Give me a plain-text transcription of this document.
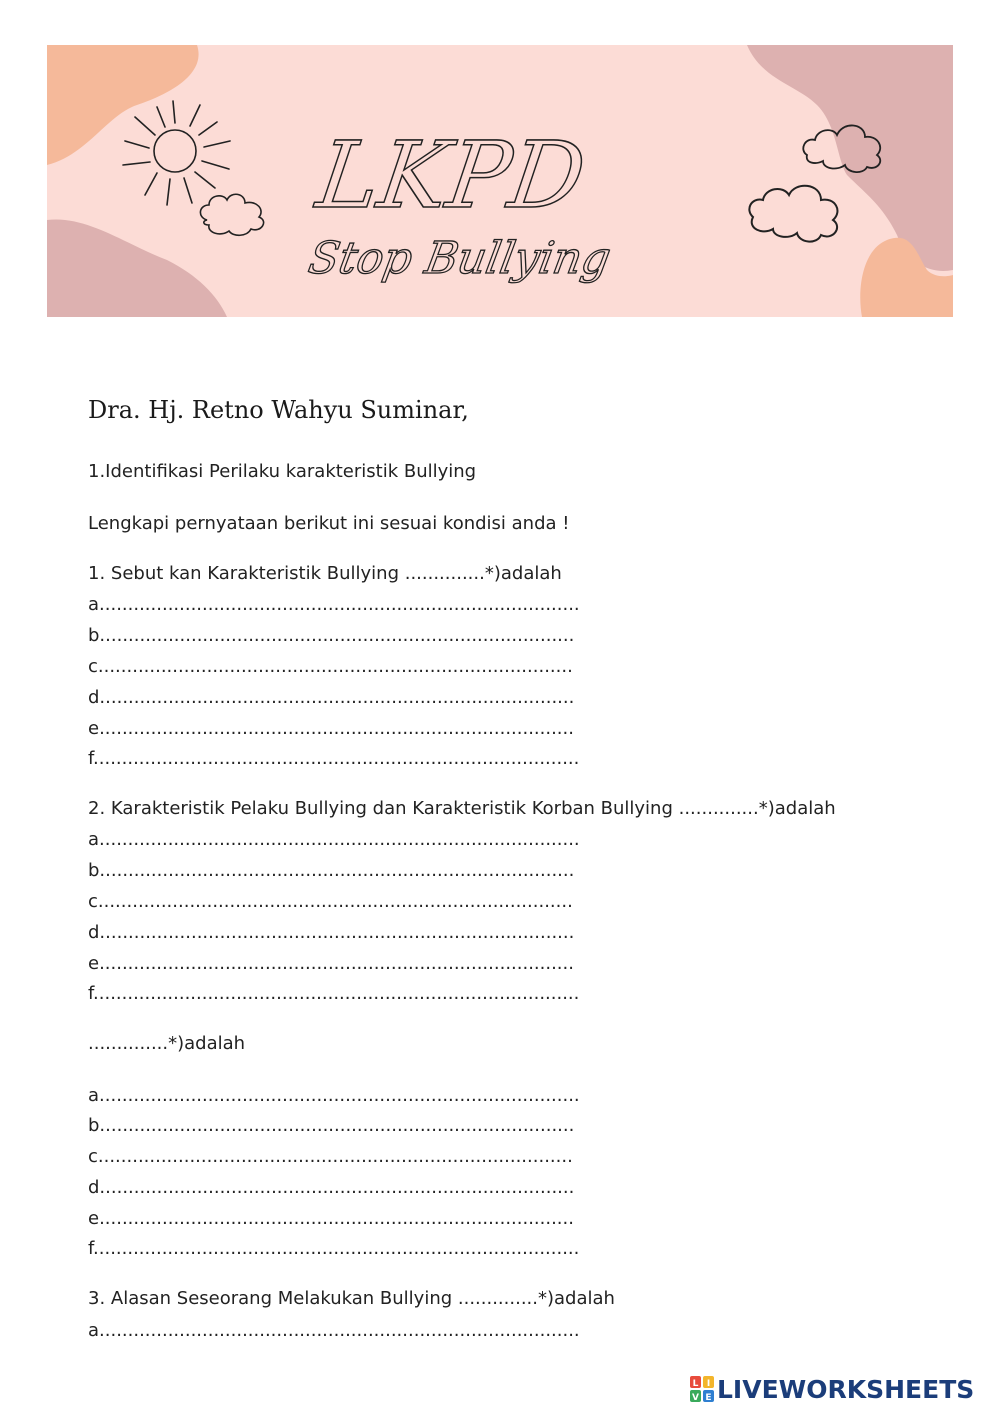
LKPD
Stop Bullying
Dra. Hj. Retno Wahyu Suminar,
1.Identifikasi Perilaku karakteristik Bullying
Lengkapi pernyataan berikut ini sesuai kondisi anda !
1. Sebut kan Karakteristik Bullying ..............*)adalah
a....................................................................................
b...................................................................................
c...................................................................................
d...................................................................................
e...................................................................................
f.....................................................................................
2. Karakteristik Pelaku Bullying dan Karakteristik Korban Bullying ..............*)adalah
a....................................................................................
b...................................................................................
c...................................................................................
d...................................................................................
e...................................................................................
f.....................................................................................
..............*)adalah
a....................................................................................
b...................................................................................
c...................................................................................
d...................................................................................
e...................................................................................
f.....................................................................................
3. Alasan Seseorang Melakukan Bullying ..............*)adalah
a....................................................................................
L I
V E LIVEWORKSHEETS
